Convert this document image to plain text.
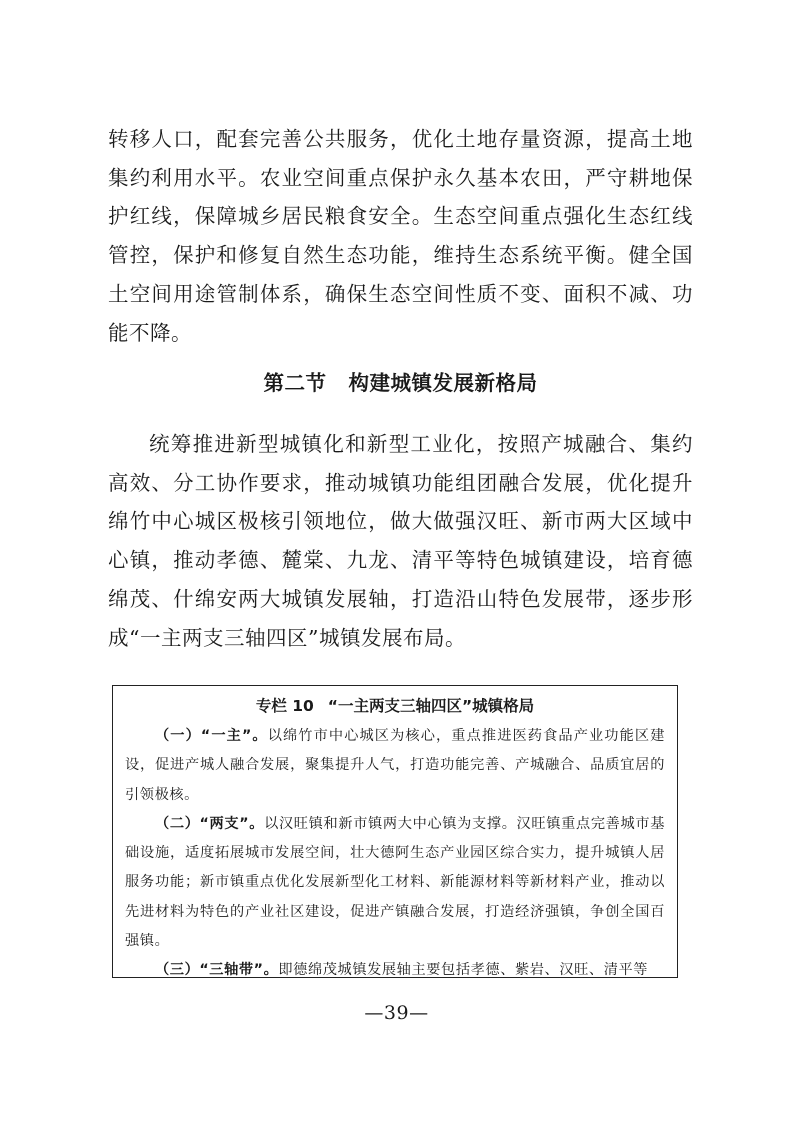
转移人口，配套完善公共服务，优化土地存量资源，提高土地集约利用水平。农业空间重点保护永久基本农田，严守耕地保护红线，保障城乡居民粮食安全。生态空间重点强化生态红线管控，保护和修复自然生态功能，维持生态系统平衡。健全国土空间用途管制体系，确保生态空间性质不变、面积不减、功能不降。

第二节 构建城镇发展新格局

统筹推进新型城镇化和新型工业化，按照产城融合、集约高效、分工协作要求，推动城镇功能组团融合发展，优化提升绵竹中心城区极核引领地位，做大做强汉旺、新市两大区域中心镇，推动孝德、麓棠、九龙、清平等特色城镇建设，培育德绵茂、什绵安两大城镇发展轴，打造沿山特色发展带，逐步形成“一主两支三轴四区”城镇发展布局。

专栏 10 “一主两支三轴四区”城镇格局

（一）“一主”。以绵竹市中心城区为核心，重点推进医药食品产业功能区建设，促进产城人融合发展，聚集提升人气，打造功能完善、产城融合、品质宜居的引领极核。

（二）“两支”。以汉旺镇和新市镇两大中心镇为支撑。汉旺镇重点完善城市基础设施，适度拓展城市发展空间，壮大德阿生态产业园区综合实力，提升城镇人居服务功能；新市镇重点优化发展新型化工材料、新能源材料等新材料产业，推动以先进材料为特色的产业社区建设，促进产镇融合发展，打造经济强镇，争创全国百强镇。

（三）“三轴带”。即德绵茂城镇发展轴主要包括孝德、紫岩、汉旺、清平等

—39—
